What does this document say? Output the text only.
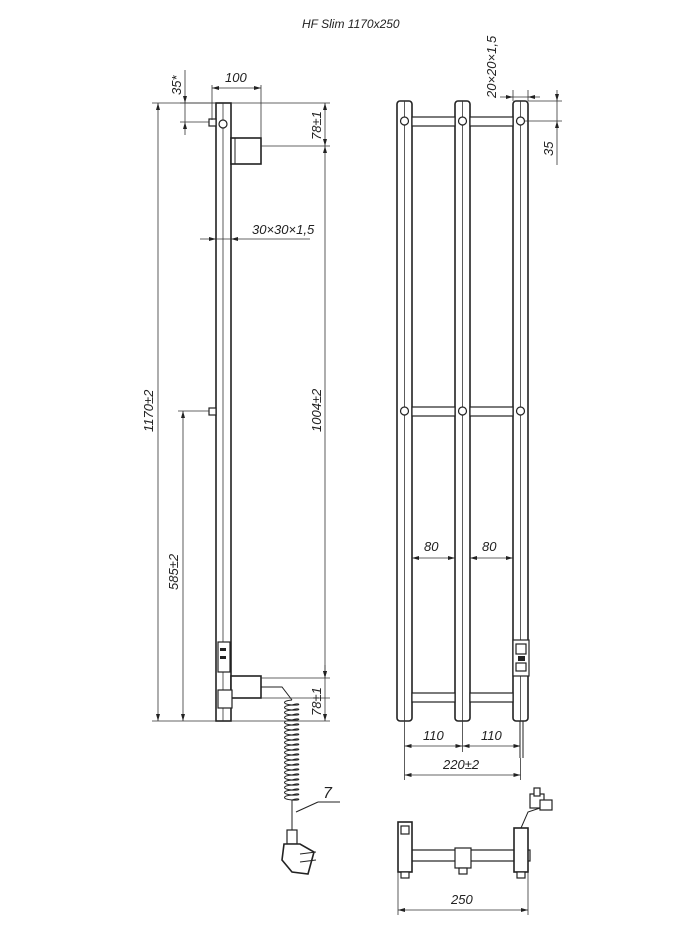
HF Slim 1170x250
7
35*	100
78±1
30×30×1,5
1170±2	1004±2
585±2
78±1
20×20×1,5
35
80	80
110	110
220±2
250
